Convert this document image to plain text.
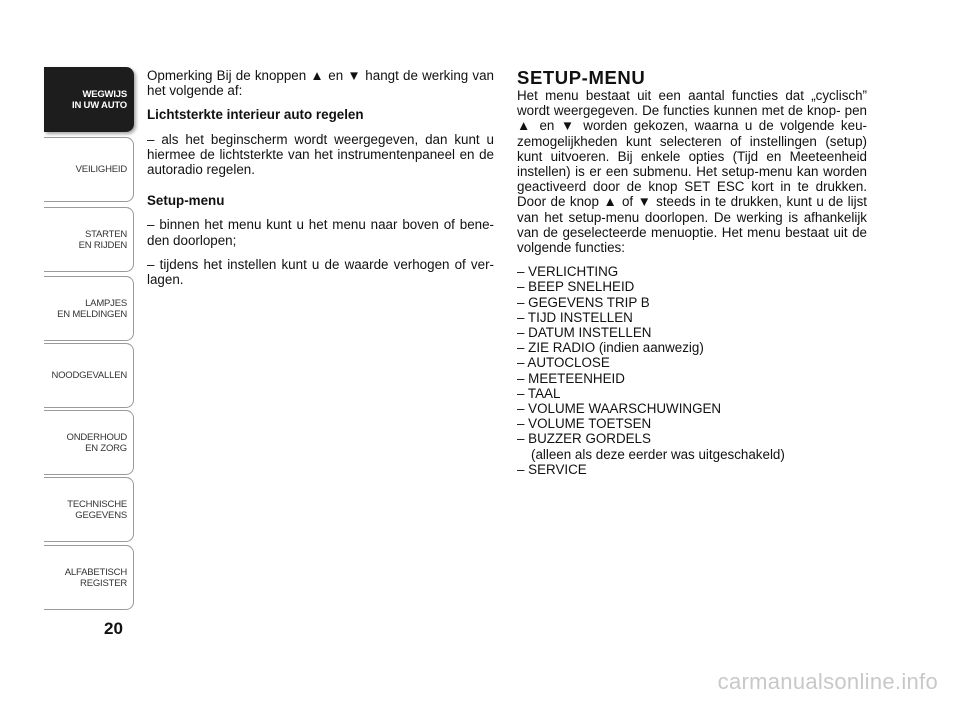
WEGWIJS
IN UW AUTO
VEILIGHEID
STARTEN
EN RIJDEN
LAMPJES
EN MELDINGEN
NOODGEVALLEN
ONDERHOUD
EN ZORG
TECHNISCHE
GEGEVENS
ALFABETISCH
REGISTER
20

Opmerking Bij de knoppen ▲ en ▼ hangt de werking van het volgende af:

Lichtsterkte interieur auto regelen

– als het beginscherm wordt weergegeven, dan kunt u hiermee de lichtsterkte van het instrumentenpaneel en de autoradio regelen.

Setup-menu

– binnen het menu kunt u het menu naar boven of bene- den doorlopen;

– tijdens het instellen kunt u de waarde verhogen of ver- lagen.

SETUP-MENU

Het menu bestaat uit een aantal functies dat „cyclisch” wordt weergegeven. De functies kunnen met de knop- pen ▲ en ▼ worden gekozen, waarna u de volgende keu- zemogelijkheden kunt selecteren of instellingen (setup) kunt uitvoeren. Bij enkele opties (Tijd en Meeteenheid instellen) is er een submenu. Het setup-menu kan worden geactiveerd door de knop SET ESC kort in te drukken. Door de knop ▲ of ▼ steeds in te drukken, kunt u de lijst van het setup-menu doorlopen. De werking is afhankelijk van de geselecteerde menuoptie. Het menu bestaat uit de volgende functies:

– VERLICHTING

– BEEP SNELHEID

– GEGEVENS TRIP B

– TIJD INSTELLEN

– DATUM INSTELLEN

– ZIE RADIO (indien aanwezig)

– AUTOCLOSE

– MEETEENHEID

– TAAL

– VOLUME WAARSCHUWINGEN

– VOLUME TOETSEN

– BUZZER GORDELS
(alleen als deze eerder was uitgeschakeld)

– SERVICE

carmanualsonline.info
